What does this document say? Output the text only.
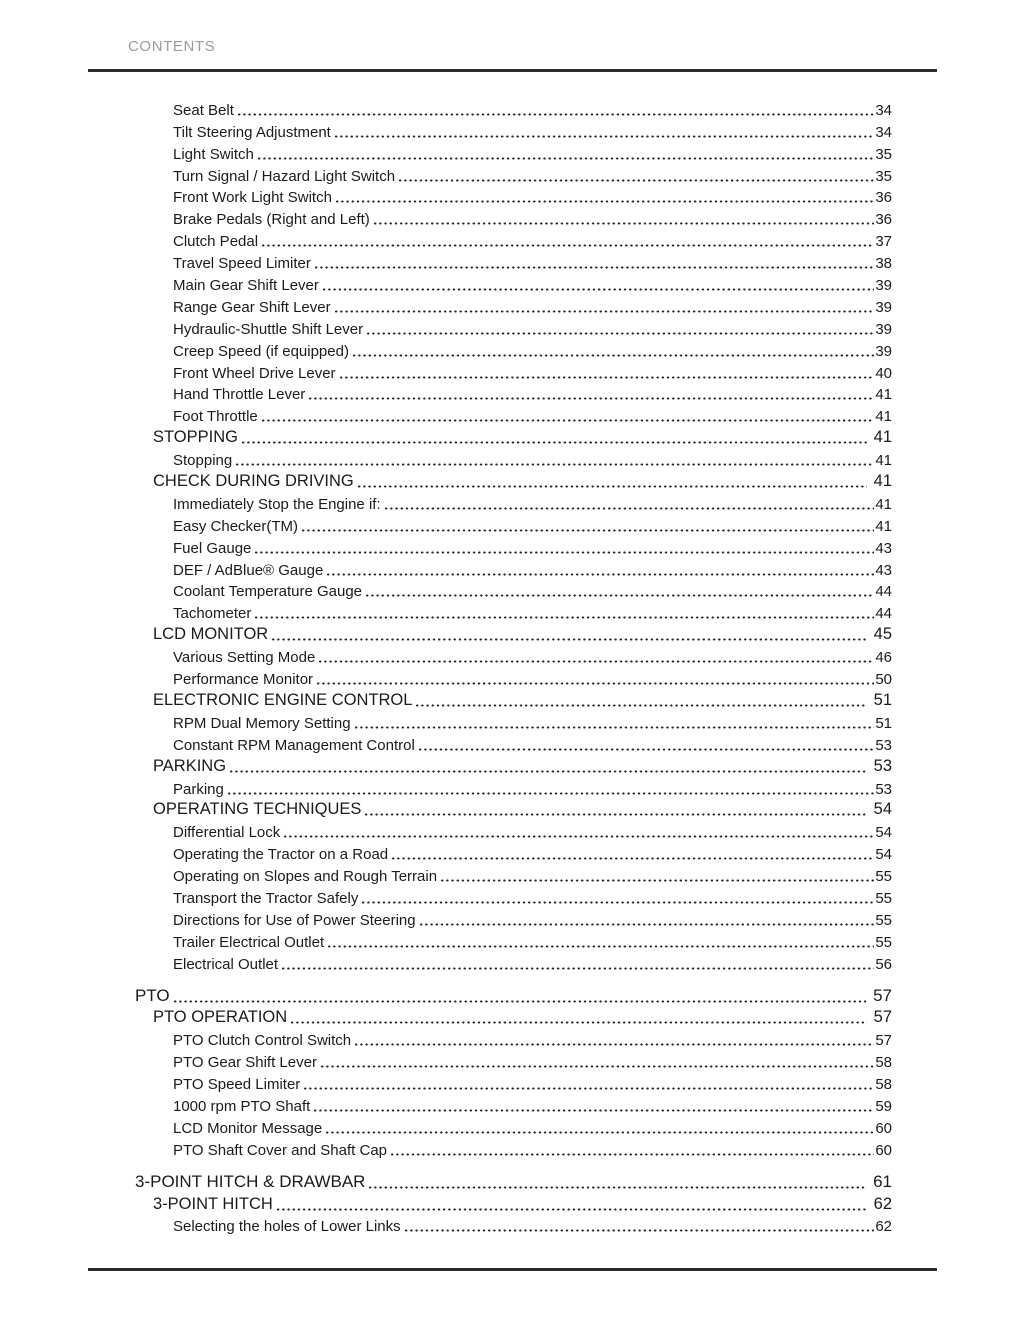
CONTENTS
Seat Belt	34
Tilt Steering Adjustment	34
Light Switch	35
Turn Signal / Hazard Light Switch	35
Front Work Light Switch	36
Brake Pedals (Right and Left)	36
Clutch Pedal	37
Travel Speed Limiter	38
Main Gear Shift Lever	39
Range Gear Shift Lever	39
Hydraulic-Shuttle Shift Lever	39
Creep Speed (if equipped)	39
Front Wheel Drive Lever	40
Hand Throttle Lever	41
Foot Throttle	41
STOPPING	41
Stopping	41
CHECK DURING DRIVING	41
Immediately Stop the Engine if:	41
Easy Checker(TM)	41
Fuel Gauge	43
DEF / AdBlue® Gauge	43
Coolant Temperature Gauge	44
Tachometer	44
LCD MONITOR	45
Various Setting Mode	46
Performance Monitor	50
ELECTRONIC ENGINE CONTROL	51
RPM Dual Memory Setting	51
Constant RPM Management Control	53
PARKING	53
Parking	53
OPERATING TECHNIQUES	54
Differential Lock	54
Operating the Tractor on a Road	54
Operating on Slopes and Rough Terrain	55
Transport the Tractor Safely	55
Directions for Use of Power Steering	55
Trailer Electrical Outlet	55
Electrical Outlet	56
PTO	57
PTO OPERATION	57
PTO Clutch Control Switch	57
PTO Gear Shift Lever	58
PTO Speed Limiter	58
1000 rpm PTO Shaft	59
LCD Monitor Message	60
PTO Shaft Cover and Shaft Cap	60
3-POINT HITCH & DRAWBAR	61
3-POINT HITCH	62
Selecting the holes of Lower Links	62
